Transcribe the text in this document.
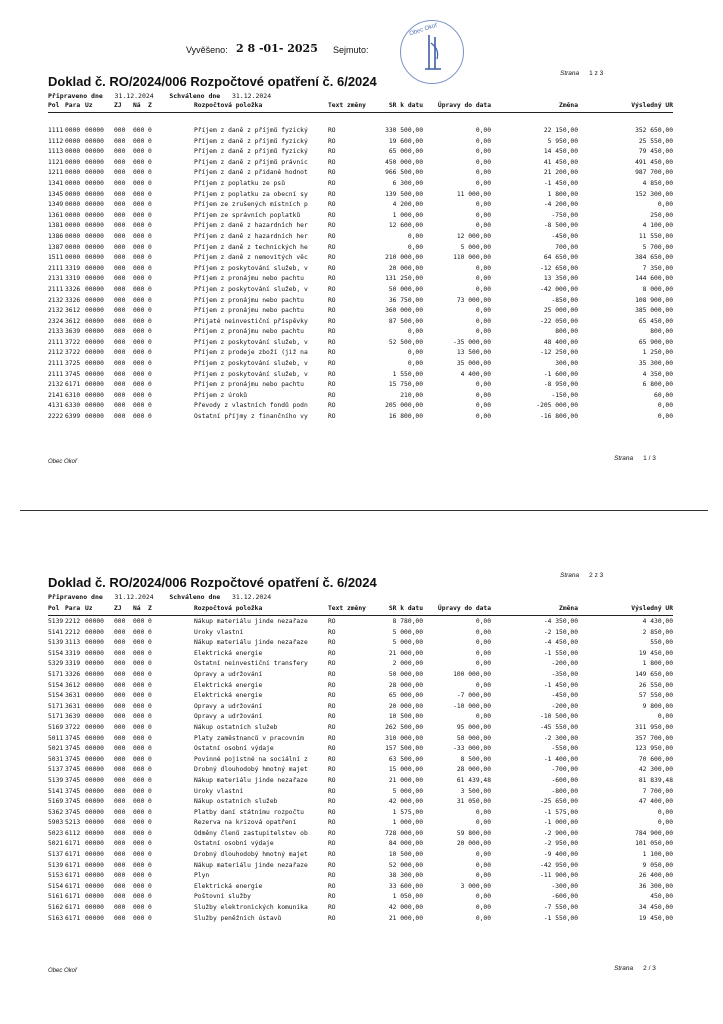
Vyvěšeno: 2 8 -01- 2025 Sejmuto:
Obec Okoř
Doklad č. RO/2024/006 Rozpočtové opatření č. 6/2024
Strana 1 z 3
Připraveno dne 31.12.2024 Schváleno dne 31.12.2024
Pol Para Uz	ZJ Ná Z	Rozpočtová položka	Text změny	SR k datu Úpravy do data	Změna	Výsledný UR
1111 0000 00000 000 000 0	Příjem z daně z příjmů fyzický	RO	330 500,00	0,00	22 150,00	352 650,00
1112 0000 00000 000 000 0	Příjem z daně z příjmů fyzický	RO	19 600,00	0,00	5 950,00	25 550,00
1113 0000 00000 000 000 0	Příjem z daně z příjmů fyzický	RO	65 000,00	0,00	14 450,00	79 450,00
1121 0000 00000 000 000 0	Příjem z daně z příjmů právnic	RO	450 000,00	0,00	41 450,00	491 450,00
1211 0000 00000 000 000 0	Příjem z daně z přidané hodnot	RO	966 500,00	0,00	21 200,00	987 700,00
1341 0000 00000 000 000 0	Příjem z poplatku ze psů	RO	6 300,00	0,00	-1 450,00	4 850,00
1345 0000 00000 000 000 0	Příjem z poplatku za obecní sy	RO	139 500,00	11 000,00	1 800,00	152 300,00
1349 0000 00000 000 000 0	Příjem ze zrušených místních p	RO	4 200,00	0,00	-4 200,00	0,00
1361 0000 00000 000 000 0	Příjem ze správních poplatků	RO	1 000,00	0,00	-750,00	250,00
1381 0000 00000 000 000 0	Příjem z daně z hazardních her	RO	12 600,00	0,00	-8 500,00	4 100,00
1386 0000 00000 000 000 0	Příjem z daně z hazardních her	RO	0,00	12 000,00	-450,00	11 550,00
1387 0000 00000 000 000 0	Příjem z daně z technických he	RO	0,00	5 000,00	700,00	5 700,00
1511 0000 00000 000 000 0	Příjem z daně z nemovitých věc	RO	210 000,00	110 000,00	64 650,00	384 650,00
2111 3319 00000 000 000 0	Příjem z poskytování služeb, v	RO	20 000,00	0,00	-12 650,00	7 350,00
2131 3319 00000 000 000 0	Příjem z pronájmu nebo pachtu	RO	131 250,00	0,00	13 350,00	144 600,00
2111 3326 00000 000 000 0	Příjem z poskytování služeb, v	RO	50 000,00	0,00	-42 000,00	8 000,00
2132 3326 00000 000 000 0	Příjem z pronájmu nebo pachtu	RO	36 750,00	73 000,00	-850,00	108 900,00
2132 3612 00000 000 000 0	Příjem z pronájmu nebo pachtu	RO	360 000,00	0,00	25 000,00	385 000,00
2324 3612 00000 000 000 0	Přijaté neinvestiční příspěvky	RO	87 500,00	0,00	-22 050,00	65 450,00
2133 3639 00000 000 000 0	Příjem z pronájmu nebo pachtu	RO	0,00	0,00	800,00	800,00
2111 3722 00000 000 000 0	Příjem z poskytování služeb, v	RO	52 500,00	-35 000,00	48 400,00	65 900,00
2112 3722 00000 000 000 0	Příjem z prodeje zboží (již na	RO	0,00	13 500,00	-12 250,00	1 250,00
2111 3725 00000 000 000 0	Příjem z poskytování služeb, v	RO	0,00	35 000,00	300,00	35 300,00
2111 3745 00000 000 000 0	Příjem z poskytování služeb, v	RO	1 550,00	4 400,00	-1 600,00	4 350,00
2132 6171 00000 000 000 0	Příjem z pronájmu nebo pachtu	RO	15 750,00	0,00	-8 950,00	6 800,00
2141 6310 00000 000 000 0	Příjem z úroků	RO	210,00	0,00	-150,00	60,00
4131 6330 00000 000 000 0	Převody z vlastních fondů podn	RO	205 000,00	0,00	-205 000,00	0,00
2222 6399 00000 000 000 0	Ostatní příjmy z finančního vy	RO	16 800,00	0,00	-16 800,00	0,00
Obec Okoř	Strana 1 / 3
Doklad č. RO/2024/006 Rozpočtové opatření č. 6/2024	Strana 2 z 3
Připraveno dne 31.12.2024 Schváleno dne 31.12.2024
Pol Para Uz	ZJ Ná Z	Rozpočtová položka	Text změny	SR k datu Úpravy do data	Změna	Výsledný UR
5139 2212 00000 000 000 0	Nákup materiálu jinde nezařaze	RO	8 780,00	0,00	-4 350,00	4 430,00
5141 2212 00000 000 000 0	Úroky vlastní	RO	5 000,00	0,00	-2 150,00	2 850,00
5139 3113 00000 000 000 0	Nákup materiálu jinde nezařaze	RO	5 000,00	0,00	-4 450,00	550,00
5154 3319 00000 000 000 0	Elektrická energie	RO	21 000,00	0,00	-1 550,00	19 450,00
5329 3319 00000 000 000 0	Ostatní neinvestiční transfery	RO	2 000,00	0,00	-200,00	1 800,00
5171 3326 00000 000 000 0	Opravy a udržování	RO	50 000,00	100 000,00	-350,00	149 650,00
5154 3612 00000 000 000 0	Elektrická energie	RO	28 000,00	0,00	-1 450,00	26 550,00
5154 3631 00000 000 000 0	Elektrická energie	RO	65 000,00	-7 000,00	-450,00	57 550,00
5171 3631 00000 000 000 0	Opravy a udržování	RO	20 000,00	-10 000,00	-200,00	9 800,00
5171 3639 00000 000 000 0	Opravy a udržování	RO	10 500,00	0,00	-10 500,00	0,00
5169 3722 00000 000 000 0	Nákup ostatních služeb	RO	262 500,00	95 000,00	-45 550,00	311 950,00
5011 3745 00000 000 000 0	Platy zaměstnanců v pracovním	RO	310 000,00	50 000,00	-2 300,00	357 700,00
5021 3745 00000 000 000 0	Ostatní osobní výdaje	RO	157 500,00	-33 000,00	-550,00	123 950,00
5031 3745 00000 000 000 0	Povinné pojistné na sociální z	RO	63 500,00	8 500,00	-1 400,00	70 600,00
5137 3745 00000 000 000 0	Drobný dlouhodobý hmotný majet	RO	15 000,00	28 000,00	-700,00	42 300,00
5139 3745 00000 000 000 0	Nákup materiálu jinde nezařaze	RO	21 000,00	61 439,48	-600,00	81 839,48
5141 3745 00000 000 000 0	Úroky vlastní	RO	5 000,00	3 500,00	-800,00	7 700,00
5169 3745 00000 000 000 0	Nákup ostatních služeb	RO	42 000,00	31 050,00	-25 650,00	47 400,00
5362 3745 00000 000 000 0	Platby daní státnímu rozpočtu	RO	1 575,00	0,00	-1 575,00	0,00
5903 5213 00000 000 000 0	Rezerva na krizová opatření	RO	1 000,00	0,00	-1 000,00	0,00
5023 6112 00000 000 000 0	Odměny členů zastupitelstev ob	RO	728 000,00	59 800,00	-2 900,00	784 900,00
5021 6171 00000 000 000 0	Ostatní osobní výdaje	RO	84 000,00	20 000,00	-2 950,00	101 050,00
5137 6171 00000 000 000 0	Drobný dlouhodobý hmotný majet	RO	10 500,00	0,00	-9 400,00	1 100,00
5139 6171 00000 000 000 0	Nákup materiálu jinde nezařaze	RO	52 000,00	0,00	-42 950,00	9 050,00
5153 6171 00000 000 000 0	Plyn	RO	38 300,00	0,00	-11 900,00	26 400,00
5154 6171 00000 000 000 0	Elektrická energie	RO	33 600,00	3 000,00	-300,00	36 300,00
5161 6171 00000 000 000 0	Poštovní služby	RO	1 050,00	0,00	-600,00	450,00
5162 6171 00000 000 000 0	Služby elektronických komunika	RO	42 000,00	0,00	-7 550,00	34 450,00
5163 6171 00000 000 000 0	Služby peněžních ústavů	RO	21 000,00	0,00	-1 550,00	19 450,00
Obec Okoř	Strana 2 / 3
